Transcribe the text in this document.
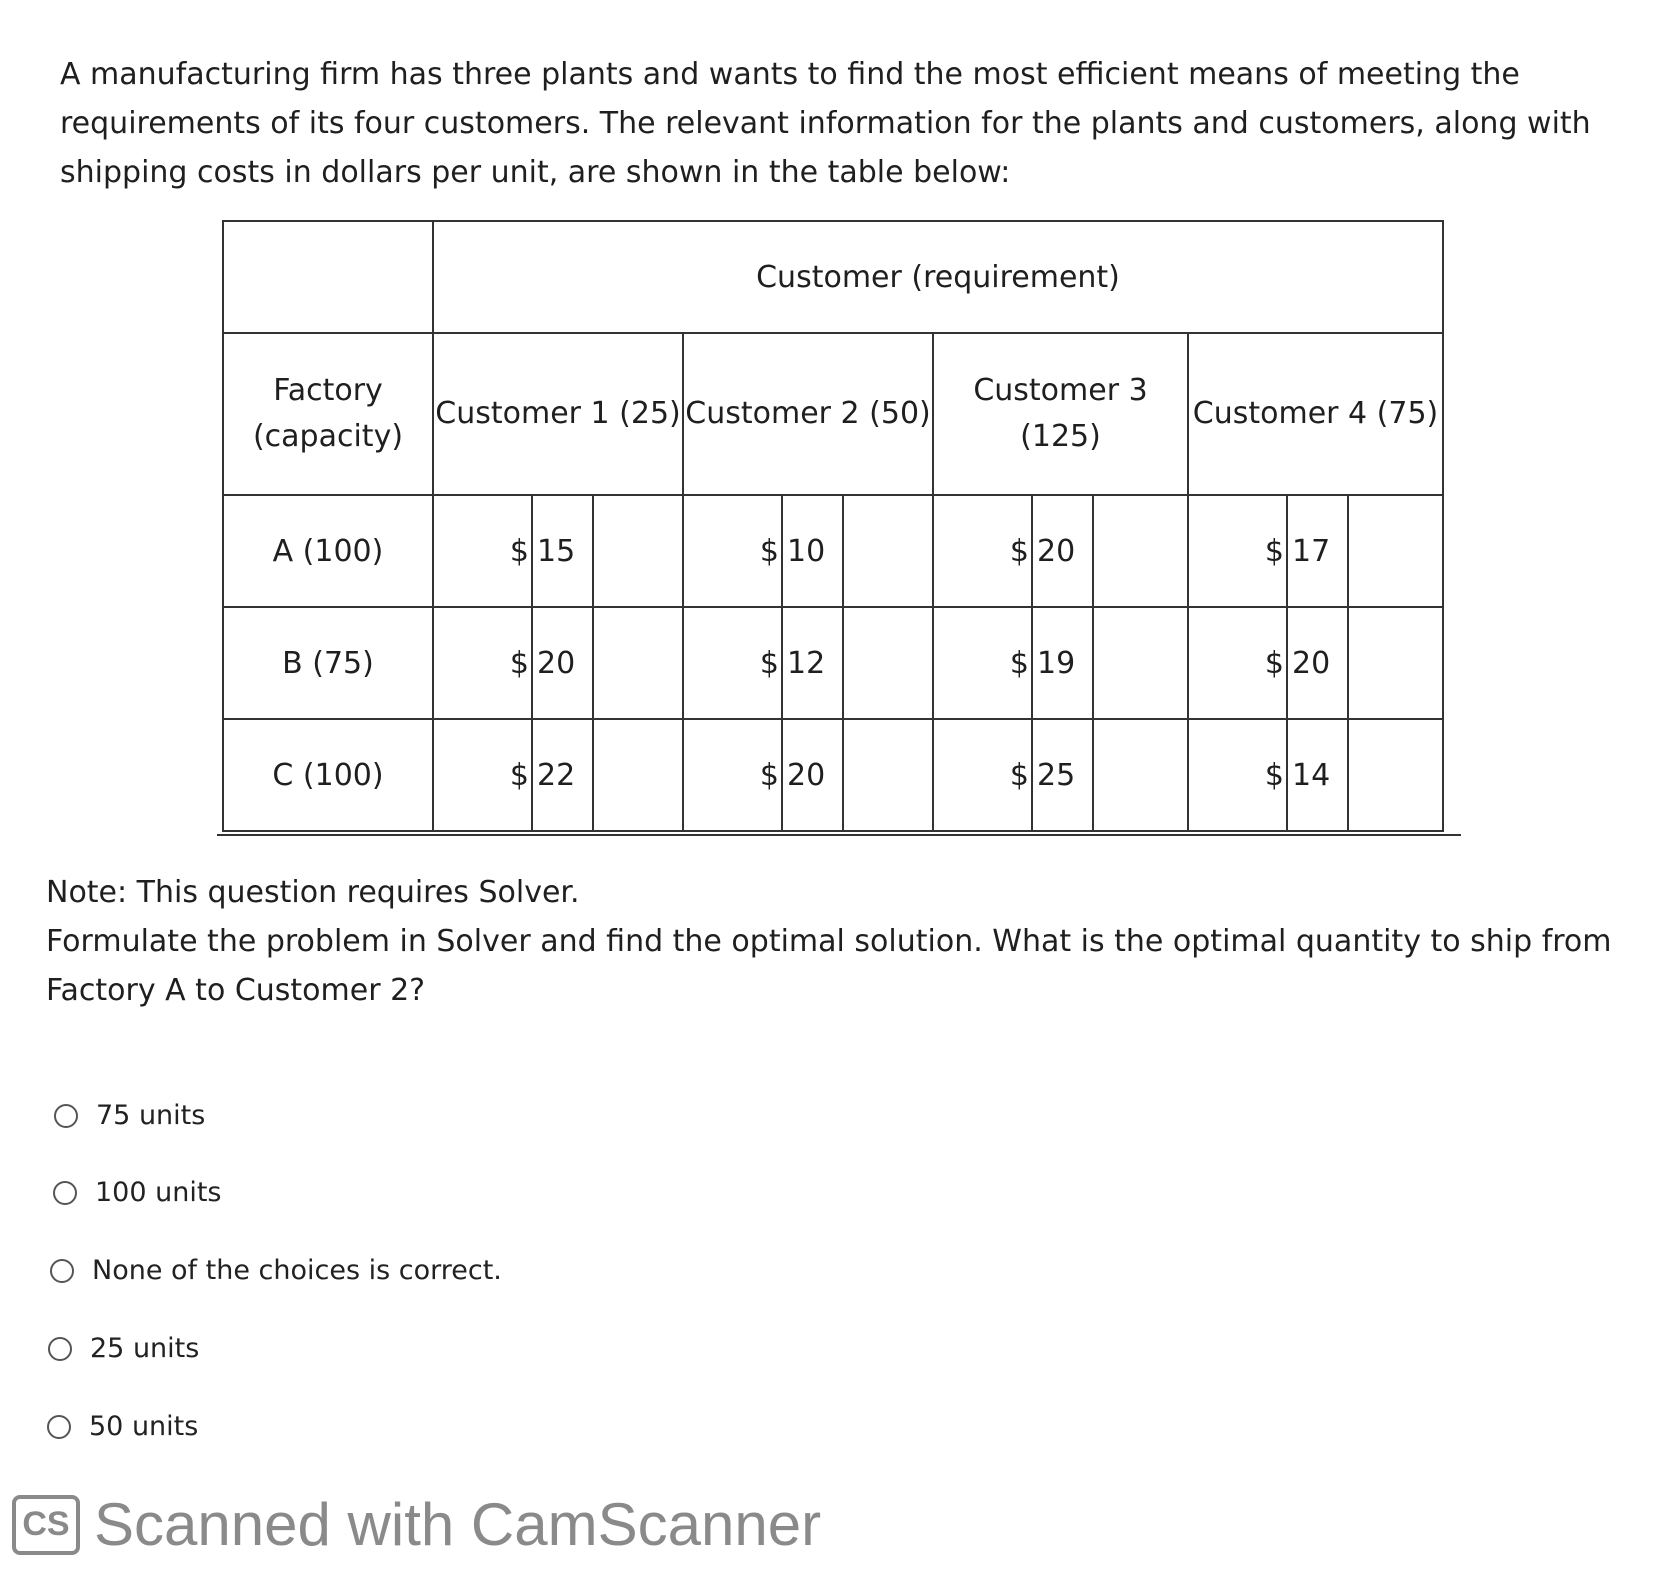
A manufacturing firm has three plants and wants to find the most efficient means of meeting the requirements of its four customers. The relevant information for the plants and customers, along with shipping costs in dollars per unit, are shown in the table below:
	Customer (requirement)			
Factory (capacity)	Customer 1 (25)	Customer 2 (50)	Customer 3 (125)	Customer 4 (75)
A (100)	$ 15	$ 10	$ 20	$ 17

B (75)	$ 20	$ 12	$ 19	$ 20

C (100)	$ 22	$ 20	$ 25	$ 14
Note: This question requires Solver.
Formulate the problem in Solver and find the optimal solution. What is the optimal quantity to ship from Factory A to Customer 2?
75 units
100 units
None of the choices is correct.
25 units
50 units
CS Scanned with CamScanner
